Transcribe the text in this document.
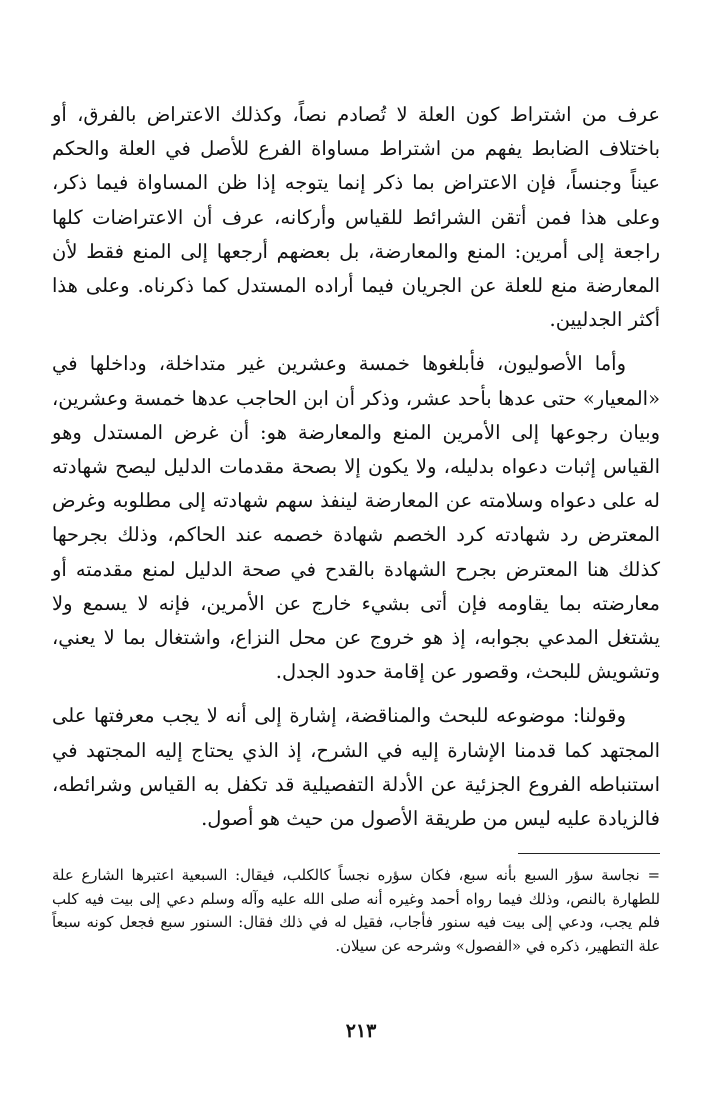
عرف من اشتراط كون العلة لا تُصادم نصاً، وكذلك الاعتراض بالفرق، أو باختلاف الضابط يفهم من اشتراط مساواة الفرع للأصل في العلة والحكم عيناً وجنساً، فإن الاعتراض بما ذكر إنما يتوجه إذا ظن المساواة فيما ذكر، وعلى هذا فمن أتقن الشرائط للقياس وأركانه، عرف أن الاعتراضات كلها راجعة إلى أمرين: المنع والمعارضة، بل بعضهم أرجعها إلى المنع فقط لأن المعارضة منع للعلة عن الجريان فيما أراده المستدل كما ذكرناه. وعلى هذا أكثر الجدليين.

وأما الأصوليون، فأبلغوها خمسة وعشرين غير متداخلة، وداخلها في «المعيار» حتى عدها بأحد عشر، وذكر أن ابن الحاجب عدها خمسة وعشرين، وبيان رجوعها إلى الأمرين المنع والمعارضة هو: أن غرض المستدل وهو القياس إثبات دعواه بدليله، ولا يكون إلا بصحة مقدمات الدليل ليصح شهادته له على دعواه وسلامته عن المعارضة لينفذ سهم شهادته إلى مطلوبه وغرض المعترض رد شهادته كرد الخصم شهادة خصمه عند الحاكم، وذلك بجرحها كذلك هنا المعترض بجرح الشهادة بالقدح في صحة الدليل لمنع مقدمته أو معارضته بما يقاومه فإن أتى بشيء خارج عن الأمرين، فإنه لا يسمع ولا يشتغل المدعي بجوابه، إذ هو خروج عن محل النزاع، واشتغال بما لا يعني، وتشويش للبحث، وقصور عن إقامة حدود الجدل.

وقولنا: موضوعه للبحث والمناقضة، إشارة إلى أنه لا يجب معرفتها على المجتهد كما قدمنا الإشارة إليه في الشرح، إذ الذي يحتاج إليه المجتهد في استنباطه الفروع الجزئية عن الأدلة التفصيلية قد تكفل به القياس وشرائطه، فالزيادة عليه ليس من طريقة الأصول من حيث هو أصول.

=نجاسة سؤر السبع بأنه سبع، فكان سؤره نجساً كالكلب، فيقال: السبعية اعتبرها الشارع علة للطهارة بالنص، وذلك فيما رواه أحمد وغيره أنه صلى الله عليه وآله وسلم دعي إلى بيت فيه كلب فلم يجب، ودعي إلى بيت فيه سنور فأجاب، فقيل له في ذلك فقال: السنور سبع فجعل كونه سبعاً علة التطهير، ذكره في «الفصول» وشرحه عن سيلان.
٢١٣
